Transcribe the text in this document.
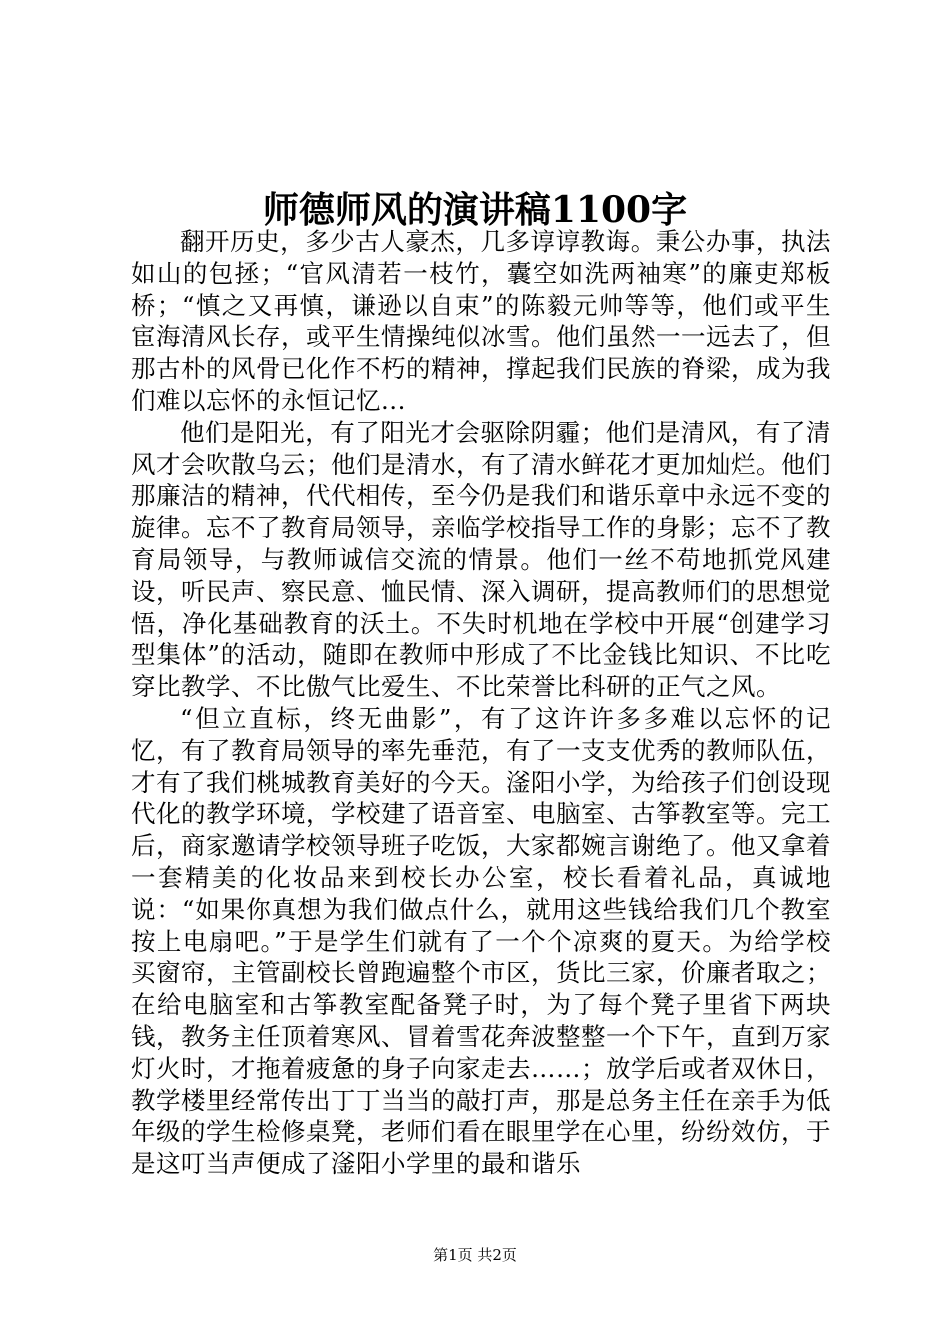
师德师风的演讲稿1100字

翻开历史，多少古人豪杰，几多谆谆教诲。秉公办事，执法如山的包拯；“官风清若一枝竹，囊空如洗两袖寒”的廉吏郑板桥；“慎之又再慎，谦逊以自束”的陈毅元帅等等，他们或平生宦海清风长存，或平生情操纯似冰雪。他们虽然一一远去了，但那古朴的风骨已化作不朽的精神，撑起我们民族的脊梁，成为我们难以忘怀的永恒记忆...

他们是阳光，有了阳光才会驱除阴霾；他们是清风，有了清风才会吹散乌云；他们是清水，有了清水鲜花才更加灿烂。他们那廉洁的精神，代代相传，至今仍是我们和谐乐章中永远不变的旋律。忘不了教育局领导，亲临学校指导工作的身影；忘不了教育局领导，与教师诚信交流的情景。他们一丝不苟地抓党风建设，听民声、察民意、恤民情、深入调研，提高教师们的思想觉悟，净化基础教育的沃土。不失时机地在学校中开展“创建学习型集体”的活动，随即在教师中形成了不比金钱比知识、不比吃穿比教学、不比傲气比爱生、不比荣誉比科研的正气之风。

“但立直标，终无曲影”，有了这许许多多难以忘怀的记忆，有了教育局领导的率先垂范，有了一支支优秀的教师队伍，才有了我们桃城教育美好的今天。滏阳小学，为给孩子们创设现代化的教学环境，学校建了语音室、电脑室、古筝教室等。完工后，商家邀请学校领导班子吃饭，大家都婉言谢绝了。他又拿着一套精美的化妆品来到校长办公室，校长看着礼品，真诚地说：“如果你真想为我们做点什么，就用这些钱给我们几个教室按上电扇吧。”于是学生们就有了一个个凉爽的夏天。为给学校买窗帘，主管副校长曾跑遍整个市区，货比三家，价廉者取之；在给电脑室和古筝教室配备凳子时，为了每个凳子里省下两块钱，教务主任顶着寒风、冒着雪花奔波整整一个下午，直到万家灯火时，才拖着疲惫的身子向家走去……；放学后或者双休日，教学楼里经常传出丁丁当当的敲打声，那是总务主任在亲手为低年级的学生检修桌凳，老师们看在眼里学在心里，纷纷效仿，于是这叮当声便成了滏阳小学里的最和谐乐

第1页 共2页
